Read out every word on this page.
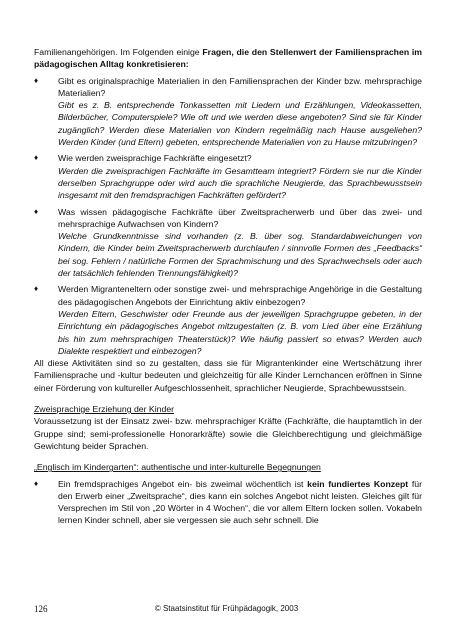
Familienangehörigen. Im Folgenden einige Fragen, die den Stellenwert der Familiensprachen im pädagogischen Alltag konkretisieren:

♦	Gibt es originalsprachige Materialien in den Familiensprachen der Kinder bzw. mehrsprachige Materialien?

Gibt es z. B. entsprechende Tonkassetten mit Liedern und Erzählungen, Videokassetten, Bilderbücher, Computerspiele? Wie oft und wie werden diese angeboten? Sind sie für Kinder zugänglich? Werden diese Materialien von Kindern regelmäßig nach Hause ausgeliehen? Werden Kinder (und Eltern) gebeten, entsprechende Materialien von zu Hause mitzubringen?

♦	Wie werden zweisprachige Fachkräfte eingesetzt?

Werden die zweisprachigen Fachkräfte im Gesamtteam integriert? Fördern sie nur die Kinder derselben Sprachgruppe oder wird auch die sprachliche Neugierde, das Sprachbewusstsein insgesamt mit den fremdsprachigen Fachkräften gefördert?

♦	Was wissen pädagogische Fachkräfte über Zweitspracherwerb und über das zwei- und mehrsprachige Aufwachsen von Kindern?

Welche Grundkenntnisse sind vorhanden (z. B. über sog. Standardabweichungen von Kindern, die Kinder beim Zweitspracherwerb durchlaufen / sinnvolle Formen des „Feedbacks“ bei sog. Fehlern / natürliche Formen der Sprachmischung und des Sprachwechsels oder auch der tatsächlich fehlenden Trennungsfähigkeit)?

♦	Werden Migranteneltern oder sonstige zwei- und mehrsprachige Angehörige in die Gestaltung des pädagogischen Angebots der Einrichtung aktiv einbezogen?

Werden Eltern, Geschwister oder Freunde aus der jeweiligen Sprachgruppe gebeten, in der Einrichtung ein pädagogisches Angebot mitzugestalten (z. B. vom Lied über eine Erzählung bis hin zum mehrsprachigen Theaterstück)? Wie häufig passiert so etwas? Werden auch Dialekte respektiert und einbezogen?

All diese Aktivitäten sind so zu gestalten, dass sie für Migrantenkinder eine Wertschätzung ihrer Familiensprache und -kultur bedeuten und gleichzeitig für alle Kinder Lernchancen eröffnen in Sinne einer Förderung von kultureller Aufgeschlossenheit, sprachlicher Neugierde, Sprachbewusstsein.

Zweisprachige Erziehung der Kinder

Voraussetzung ist der Einsatz zwei- bzw. mehrsprachiger Kräfte (Fachkräfte, die hauptamtlich in der Gruppe sind; semi-professionelle Honorarkräfte) sowie die Gleichberechtigung und gleichmäßige Gewichtung beider Sprachen.

„Englisch im Kindergarten“: authentische und inter-kulturelle Begegnungen

♦	Ein fremdsprachiges Angebot ein- bis zweimal wöchentlich ist kein fundiertes Konzept für den Erwerb einer „Zweitsprache“, dies kann ein solches Angebot nicht leisten. Gleiches gilt für Versprechen im Stil von „20 Wörter in 4 Wochen“, die vor allem Eltern locken sollen. Vokabeln lernen Kinder schnell, aber sie vergessen sie auch sehr schnell. Die
126	© Staatsinstitut für Frühpädagogik, 2003
